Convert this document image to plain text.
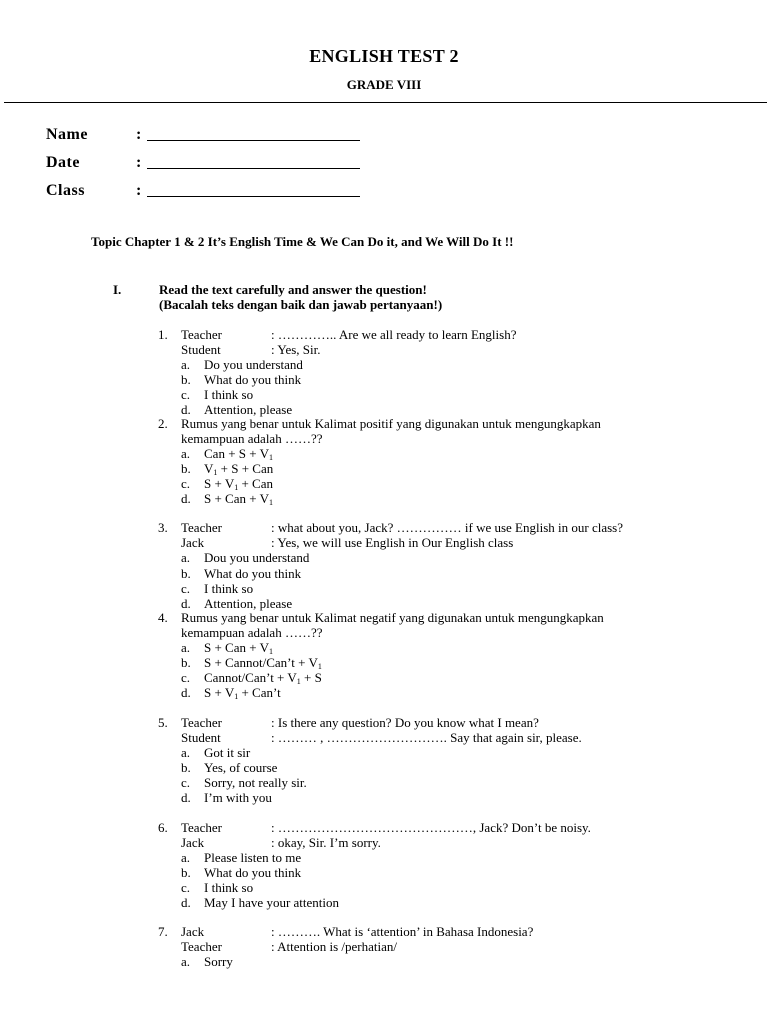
ENGLISH TEST 2
GRADE VIII
Name	:
Date	:
Class	:
Topic Chapter 1 & 2 It’s English Time & We Can Do it, and We Will Do It !!
I.	Read the text carefully and answer the question!
(Bacalah teks dengan baik dan jawab pertanyaan!)
1. Teacher	: ………….. Are we all ready to learn English?
Student	: Yes, Sir.
a. Do you understand
b. What do you think
c. I think so
d. Attention, please
2. Rumus yang benar untuk Kalimat positif yang digunakan untuk mengungkapkan
kemampuan adalah ……??
a. Can + $S + V_1$
b. $V_1 + S$ + Can
c. $S + V_1$ + Can
d. S + Can + $V_1$
3. Teacher	: what about you, Jack? …………… if we use English in our class?
Jack	: Yes, we will use English in Our English class
a. Dou you understand
b. What do you think
c. I think so
d. Attention, please
4. Rumus yang benar untuk Kalimat negatif yang digunakan untuk mengungkapkan
kemampuan adalah ……??
a. S + Can + $V_1$
b. S + Cannot/Can’t + $V_1$
c. Cannot/Can’t + $V_1 + S$
d. $S + V_1$ + Can’t
5. Teacher	: Is there any question? Do you know what I mean?
Student	: ……… , ………………………. Say that again sir, please.
a. Got it sir
b. Yes, of course
c. Sorry, not really sir.
d. I’m with you
6. Teacher	: ………………………………………, Jack? Don’t be noisy.
Jack	: okay, Sir. I’m sorry.
a. Please listen to me
b. What do you think
c. I think so
d. May I have your attention
7. Jack	: ………. What is ‘attention’ in Bahasa Indonesia?
Teacher	: Attention is /perhatian/
a. Sorry
